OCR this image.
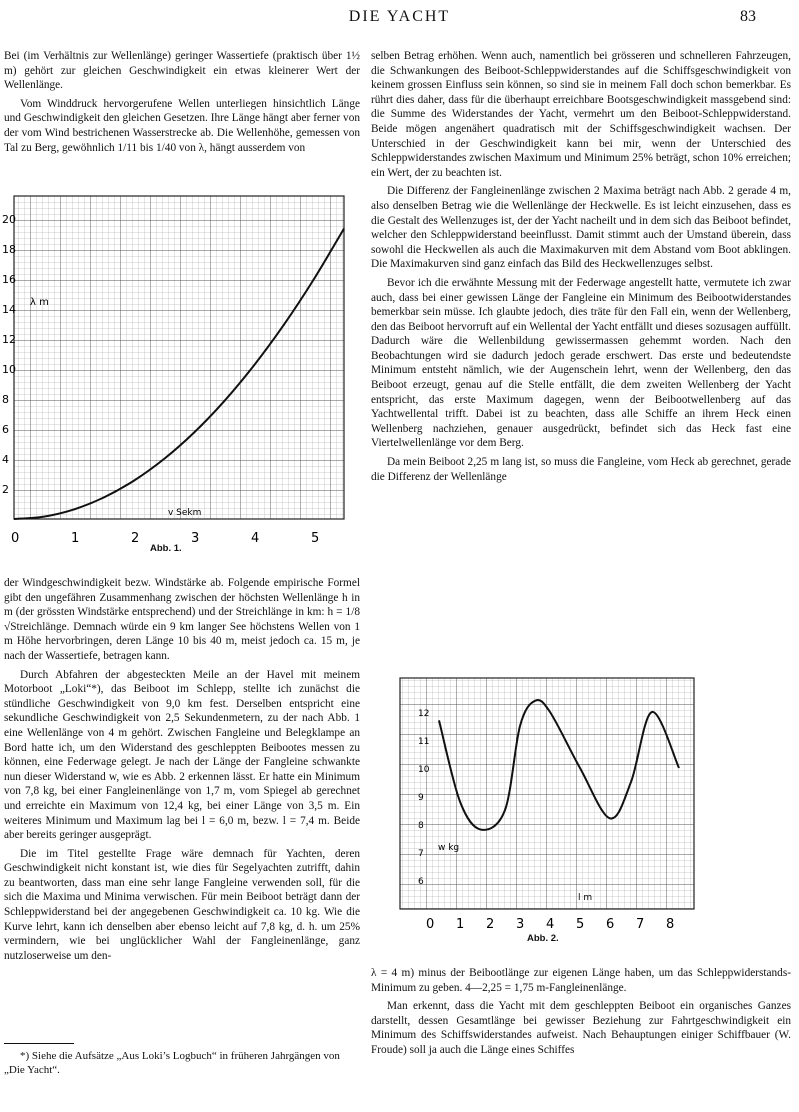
DIE YACHT	83

Bei (im Verhältnis zur Wellenlänge) geringer Wassertiefe (praktisch über 1½ m) gehört zur gleichen Geschwindigkeit ein etwas kleinerer Wert der Wellenlänge.

Vom Winddruck hervorgerufene Wellen unterliegen hinsichtlich Länge und Geschwindigkeit den gleichen Gesetzen. Ihre Länge hängt aber ferner von der vom Wind bestrichenen Wasserstrecke ab. Die Wellenhöhe, gemessen von Tal zu Berg, gewöhnlich 1/11 bis 1/40 von λ, hängt ausserdem von

20
18
16
14
12
10
8
6
4
2
0	1	2	3	4	5
λ m
v Sekm
Abb. 1.

der Windgeschwindigkeit bezw. Windstärke ab. Folgende empirische Formel gibt den ungefähren Zusammenhang zwischen der höchsten Wellenlänge h in m (der grössten Windstärke entsprechend) und der Streichlänge in km: h = 1/8 √Streichlänge. Demnach würde ein 9 km langer See höchstens Wellen von 1 m Höhe hervorbringen, deren Länge 10 bis 40 m, meist jedoch ca. 15 m, je nach der Wassertiefe, betragen kann.

Durch Abfahren der abgesteckten Meile an der Havel mit meinem Motorboot „Loki“*), das Beiboot im Schlepp, stellte ich zunächst die stündliche Geschwindigkeit von 9,0 km fest. Derselben entspricht eine sekundliche Geschwindigkeit von 2,5 Sekundenmetern, zu der nach Abb. 1 eine Wellenlänge von 4 m gehört. Zwischen Fangleine und Belegklampe an Bord hatte ich, um den Widerstand des geschleppten Beibootes messen zu können, eine Federwage gelegt. Je nach der Länge der Fangleine schwankte nun dieser Widerstand w, wie es Abb. 2 erkennen lässt. Er hatte ein Minimum von 7,8 kg, bei einer Fangleinenlänge von 1,7 m, vom Spiegel ab gerechnet und erreichte ein Maximum von 12,4 kg, bei einer Länge von 3,5 m. Ein weiteres Minimum und Maximum lag bei l = 6,0 m, bezw. l = 7,4 m. Beide aber bereits geringer ausgeprägt.

Die im Titel gestellte Frage wäre demnach für Yachten, deren Geschwindigkeit nicht konstant ist, wie dies für Segelyachten zutrifft, dahin zu beantworten, dass man eine sehr lange Fangleine verwenden soll, für die sich die Maxima und Minima verwischen. Für mein Beiboot beträgt dann der Schleppwiderstand bei der angegebenen Geschwindigkeit ca. 10 kg. Wie die Kurve lehrt, kann ich denselben aber ebenso leicht auf 7,8 kg, d. h. um 25% vermindern, wie bei unglücklicher Wahl der Fangleinenlänge, ganz nutzloserweise um den-

*) Siehe die Aufsätze „Aus Loki’s Logbuch“ in früheren Jahrgängen von „Die Yacht“.

selben Betrag erhöhen. Wenn auch, namentlich bei grösseren und schnelleren Fahrzeugen, die Schwankungen des Beiboot-Schleppwiderstandes auf die Schiffsgeschwindigkeit von keinem grossen Einfluss sein können, so sind sie in meinem Fall doch schon bemerkbar. Es rührt dies daher, dass für die überhaupt erreichbare Bootsgeschwindigkeit massgebend sind: die Summe des Widerstandes der Yacht, vermehrt um den Beiboot-Schleppwiderstand. Beide mögen angenähert quadratisch mit der Schiffsgeschwindigkeit wachsen. Der Unterschied in der Geschwindigkeit kann bei mir, wenn der Unterschied des Schleppwiderstandes zwischen Maximum und Minimum 25% beträgt, schon 10% erreichen; ein Wert, der zu beachten ist.

Die Differenz der Fangleinenlänge zwischen 2 Maxima beträgt nach Abb. 2 gerade 4 m, also denselben Betrag wie die Wellenlänge der Heckwelle. Es ist leicht einzusehen, dass es die Gestalt des Wellenzuges ist, der der Yacht nacheilt und in dem sich das Beiboot befindet, welcher den Schleppwiderstand beeinflusst. Damit stimmt auch der Umstand überein, dass sowohl die Heckwellen als auch die Maximakurven mit dem Abstand vom Boot abklingen. Die Maximakurven sind ganz einfach das Bild des Heckwellenzuges selbst.

Bevor ich die erwähnte Messung mit der Federwage angestellt hatte, vermutete ich zwar auch, dass bei einer gewissen Länge der Fangleine ein Minimum des Beibootwiderstandes bemerkbar sein müsse. Ich glaubte jedoch, dies träte für den Fall ein, wenn der Wellenberg, den das Beiboot hervorruft auf ein Wellental der Yacht entfällt und dieses sozusagen auffüllt. Dadurch wäre die Wellenbildung gewissermassen gehemmt worden. Nach den Beobachtungen wird sie dadurch jedoch gerade erschwert. Das erste und bedeutendste Minimum entsteht nämlich, wie der Augenschein lehrt, wenn der Wellenberg, den das Beiboot erzeugt, genau auf die Stelle entfällt, die dem zweiten Wellenberg der Yacht entspricht, das erste Maximum dagegen, wenn der Beibootwellenberg auf das Yachtwellental trifft. Dabei ist zu beachten, dass alle Schiffe an ihrem Heck einen Wellenberg nachziehen, genauer ausgedrückt, befindet sich das Heck fast eine Viertelwellenlänge vor dem Berg.

Da mein Beiboot 2,25 m lang ist, so muss die Fangleine, vom Heck ab gerechnet, gerade die Differenz der Wellenlänge

12
11
10
9
8
7
6
0 1 2 3 4 5 6 7 8
w kg
l m
Abb. 2.

λ = 4 m) minus der Beibootlänge zur eigenen Länge haben, um das Schleppwiderstands-Minimum zu geben. 4—2,25 = 1,75 m-Fangleinenlänge.

Man erkennt, dass die Yacht mit dem geschleppten Beiboot ein organisches Ganzes darstellt, dessen Gesamtlänge bei gewisser Beziehung zur Fahrtgeschwindigkeit ein Minimum des Schiffswiderstandes aufweist. Nach Behauptungen einiger Schiffbauer (W. Froude) soll ja auch die Länge eines Schiffes
